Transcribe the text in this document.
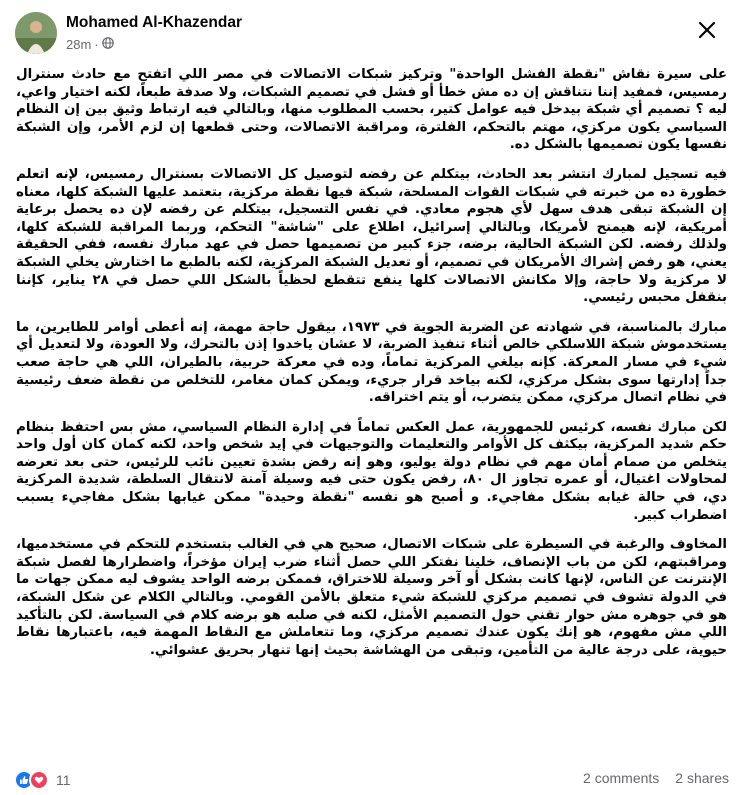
Mohamed Al-Khazendar
28m ·

على سيرة نقاش "نقطة الفشل الواحدة" وتركيز شبكات الاتصالات في مصر اللي اتفتح مع حادث سنترال رمسيس، فمفيد إننا نتناقش إن ده مش خطأ أو فشل في تصميم الشبكات، ولا صدفة طبعاً، لكنه اختيار واعي، ليه ؟ تصميم أي شبكة بيدخل فيه عوامل كتير، بحسب المطلوب منها، وبالتالي فيه ارتباط وثيق بين إن النظام السياسي يكون مركزي، مهتم بالتحكم، الفلترة، ومراقبة الاتصالات، وحتى قطعها إن لزم الأمر، وإن الشبكة نفسها يكون تصميمها بالشكل ده.

فيه تسجيل لمبارك انتشر بعد الحادث، بيتكلم عن رفضه لتوصيل كل الاتصالات بسنترال رمسيس، لإنه اتعلم خطورة ده من خبرته في شبكات القوات المسلحة، شبكة فيها نقطة مركزية، بتعتمد عليها الشبكة كلها، معناه إن الشبكة تبقى هدف سهل لأي هجوم معادي. في نفس التسجيل، بيتكلم عن رفضه لإن ده يحصل برعاية أمريكية، لإنه هيمنح لأمريكا، وبالتالي إسرائيل، اطلاع على "شاشة" التحكم، وربما المراقبة للشبكة كلها، ولذلك رفضه. لكن الشبكة الحالية، برضه، جزء كبير من تصميمها حصل في عهد مبارك نفسه، ففي الحقيقة يعني، هو رفض إشراك الأمريكان في تصميم، أو تعديل الشبكة المركزية، لكنه بالطبع ما اختارش يخلي الشبكة لا مركزية ولا حاجة، وإلا مكانش الاتصالات كلها ينفع تتقطع لحظياً بالشكل اللي حصل في ٢٨ يناير، كإننا بنقفل محبس رئيسي.

مبارك بالمناسبة، في شهادته عن الضربة الجوية في ١٩٧٣، بيقول حاجة مهمة، إنه أعطى أوامر للطايرين، ما يستخدموش شبكة اللاسلكي خالص أثناء تنفيذ الضربة، لا عشان ياخدوا إذن بالتحرك، ولا العودة، ولا لتعديل أي شيء في مسار المعركة. كإنه بيلغي المركزية تماماً، وده في معركة حربية، بالطيران، اللي هي حاجة صعب جداً إدارتها سوى بشكل مركزي، لكنه بياخد قرار جريء، ويمكن كمان مغامر، للتخلص من نقطة ضعف رئيسية في نظام اتصال مركزي، ممكن يتضرب، أو يتم اختراقه.

لكن مبارك نفسه، كرئيس للجمهورية، عمل العكس تماماً في إدارة النظام السياسي، مش بس احتفظ بنظام حكم شديد المركزية، بيكثف كل الأوامر والتعليمات والتوجيهات في إيد شخص واحد، لكنه كمان كان أول واحد يتخلص من صمام أمان مهم في نظام دولة يوليو، وهو إنه رفض بشدة تعيين نائب للرئيس، حتى بعد تعرضه لمحاولات اغتيال، أو عمره تجاوز ال ٨٠، رفض يكون حتى فيه وسيلة آمنة لانتقال السلطة، شديدة المركزية دي، في حالة غيابه بشكل مفاجيء. و أصبح هو نفسه "نقطة وحيدة" ممكن غيابها بشكل مفاجيء يسبب اضطراب كبير.

المخاوف والرغبة في السيطرة على شبكات الاتصال، صحيح هي في الغالب بتستخدم للتحكم في مستخدميها، ومراقبتهم، لكن من باب الإنصاف، خلينا نفتكر اللي حصل أثناء ضرب إيران مؤخراً، واضطرارها لفصل شبكة الإنترنت عن الناس، لإنها كانت بشكل أو آخر وسيلة للاختراق، فممكن برضه الواحد يشوف ليه ممكن جهات ما في الدولة تشوف في تصميم مركزي للشبكة شيء متعلق بالأمن القومي. وبالتالي الكلام عن شكل الشبكة، هو في جوهره مش حوار تقني حول التصميم الأمثل، لكنه في صلبه هو برضه كلام في السياسة. لكن بالتأكيد اللي مش مفهوم، هو إنك يكون عندك تصميم مركزي، وما تتعاملش مع النقاط المهمة فيه، باعتبارها نقاط حيوية، على درجة عالية من التأمين، وتبقى من الهشاشة بحيث إنها تنهار بحريق عشوائي.

11	2 comments 2 shares
